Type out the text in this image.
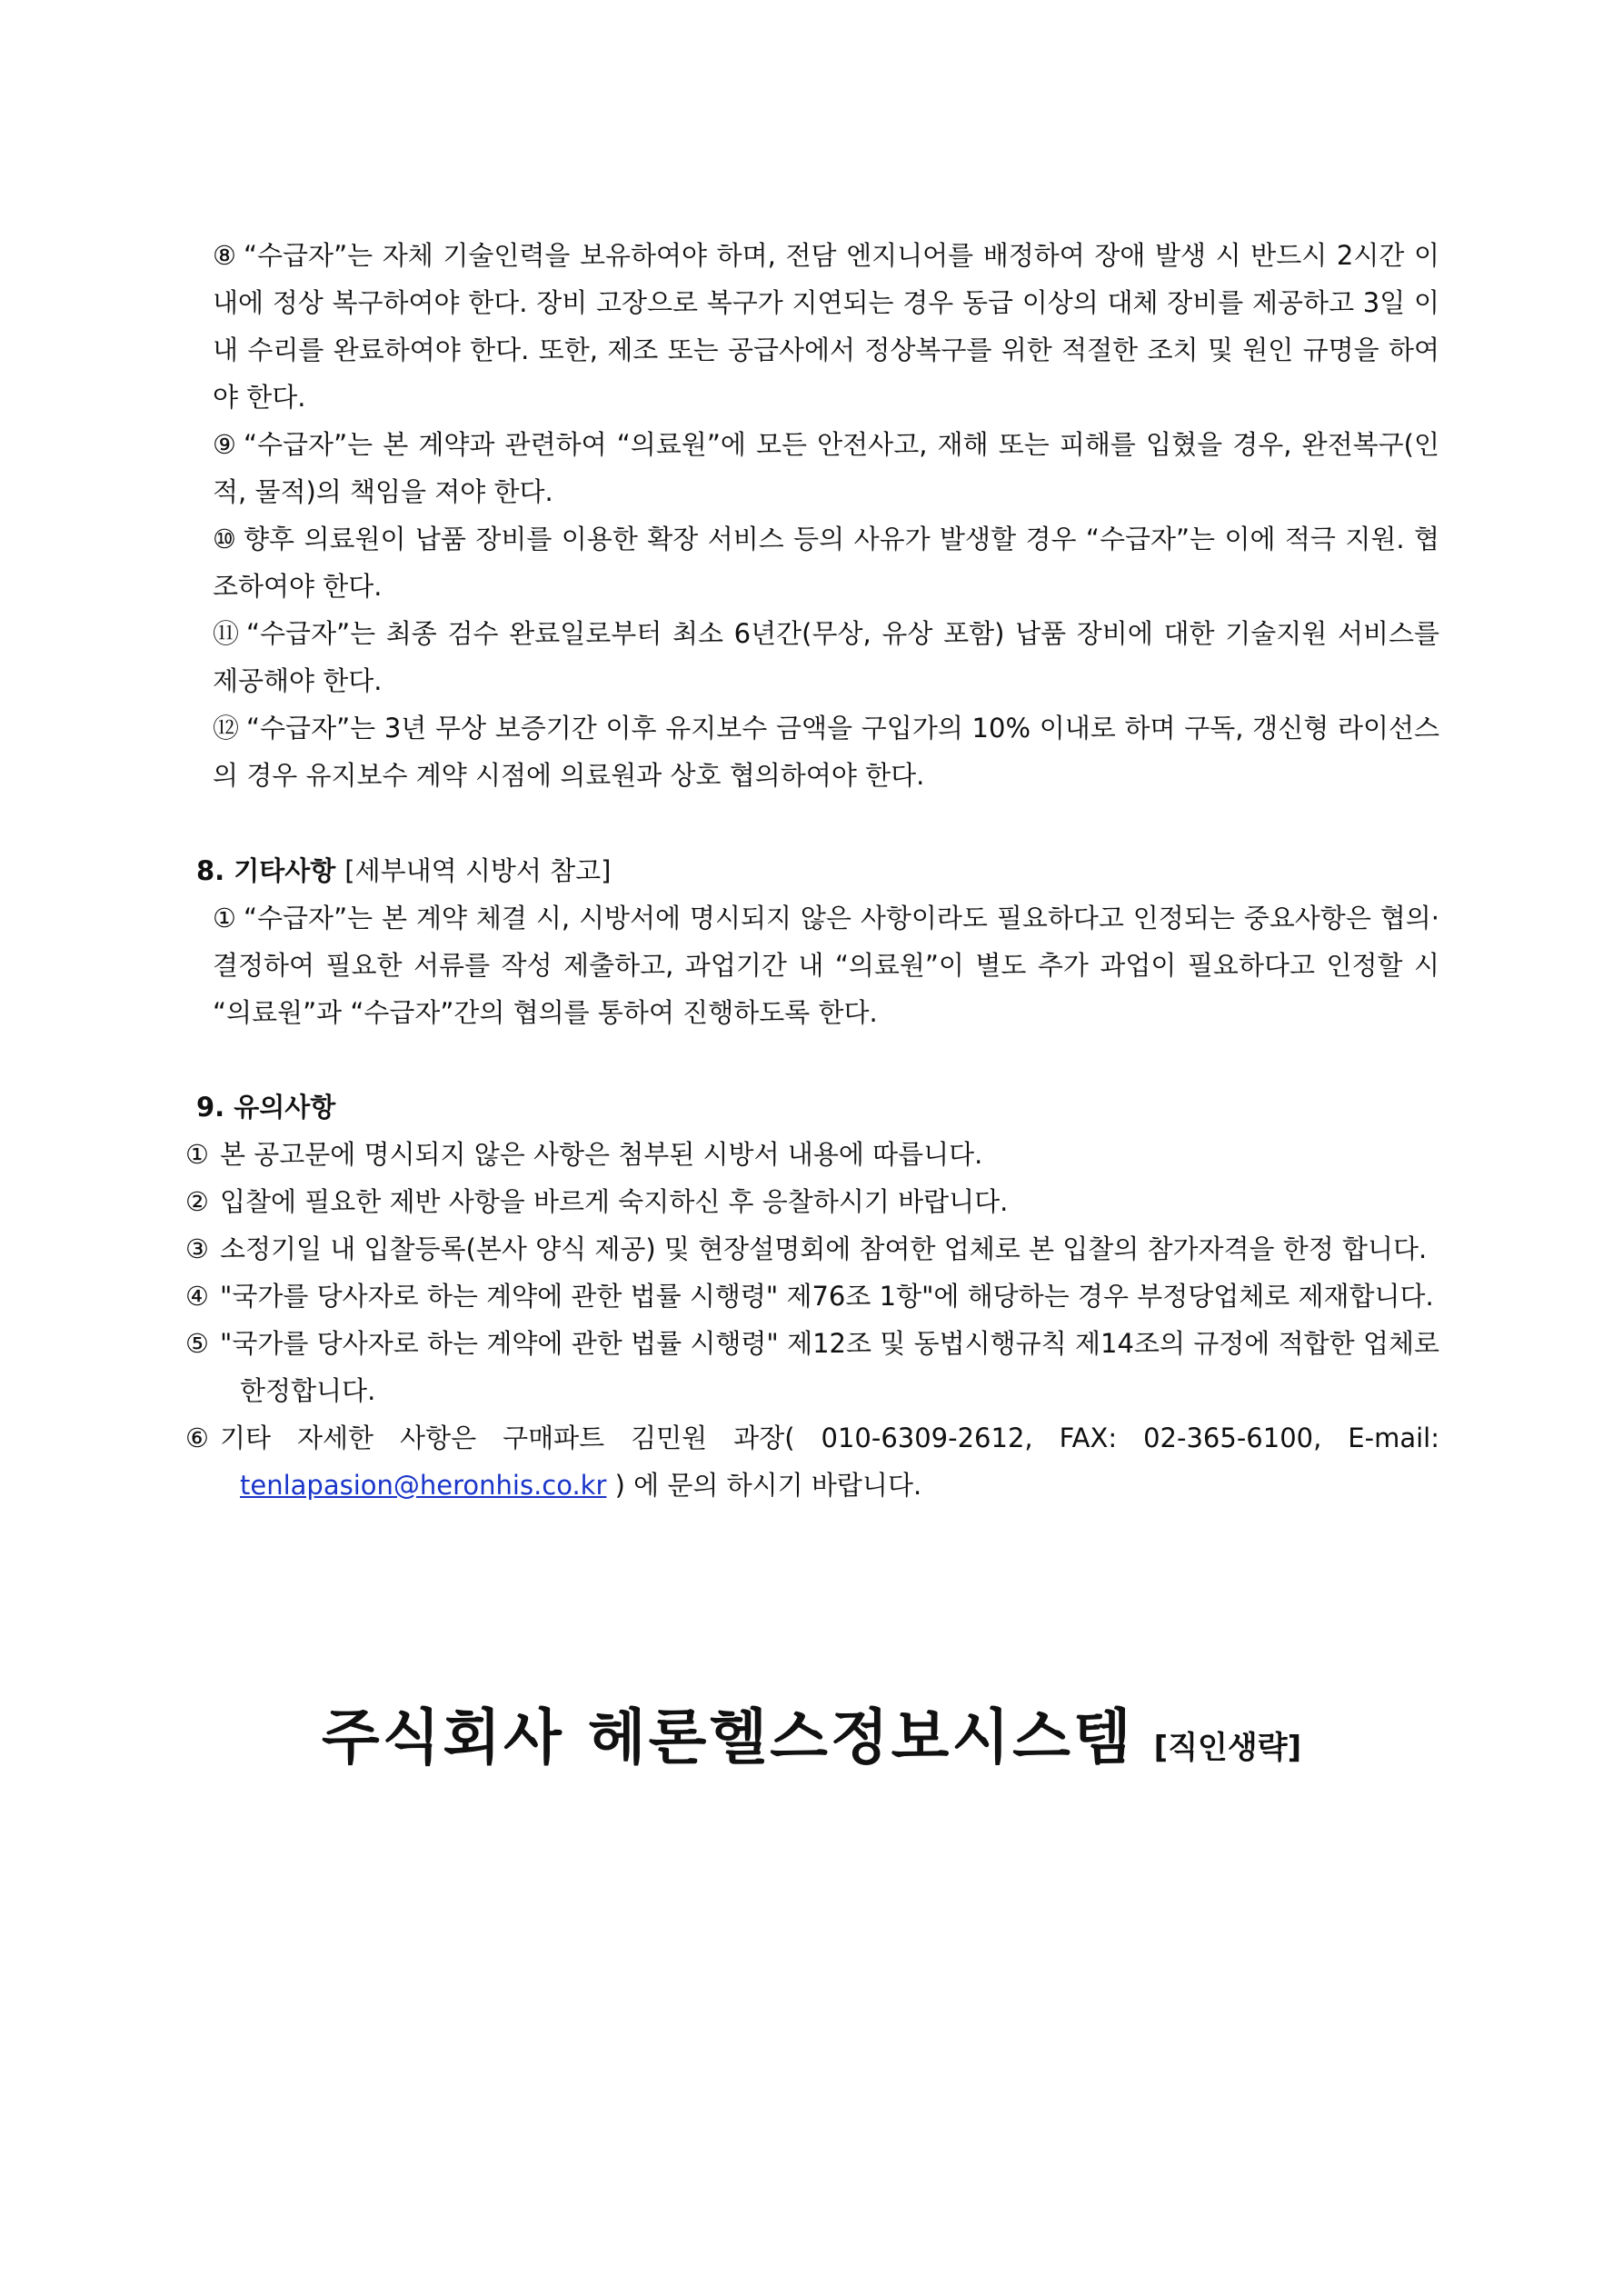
⑧ “수급자”는 자체 기술인력을 보유하여야 하며, 전담 엔지니어를 배정하여 장애 발생 시 반드시 2시간 이내에 정상 복구하여야 한다. 장비 고장으로 복구가 지연되는 경우 동급 이상의 대체 장비를 제공하고 3일 이내 수리를 완료하여야 한다. 또한, 제조 또는 공급사에서 정상복구를 위한 적절한 조치 및 원인 규명을 하여야 한다.

⑨ “수급자”는 본 계약과 관련하여 “의료원”에 모든 안전사고, 재해 또는 피해를 입혔을 경우, 완전복구(인적, 물적)의 책임을 져야 한다.

⑩ 향후 의료원이 납품 장비를 이용한 확장 서비스 등의 사유가 발생할 경우 “수급자”는 이에 적극 지원. 협조하여야 한다.

⑪ “수급자”는 최종 검수 완료일로부터 최소 6년간(무상, 유상 포함) 납품 장비에 대한 기술지원 서비스를 제공해야 한다.

⑫ “수급자”는 3년 무상 보증기간 이후 유지보수 금액을 구입가의 10% 이내로 하며 구독, 갱신형 라이선스의 경우 유지보수 계약 시점에 의료원과 상호 협의하여야 한다.

8. 기타사항 [세부내역 시방서 참고]

① “수급자”는 본 계약 체결 시, 시방서에 명시되지 않은 사항이라도 필요하다고 인정되는 중요사항은 협의·결정하여 필요한 서류를 작성 제출하고, 과업기간 내 “의료원”이 별도 추가 과업이 필요하다고 인정할 시 “의료원”과 “수급자”간의 협의를 통하여 진행하도록 한다.

9. 유의사항

① 본 공고문에 명시되지 않은 사항은 첨부된 시방서 내용에 따릅니다.

② 입찰에 필요한 제반 사항을 바르게 숙지하신 후 응찰하시기 바랍니다.

③ 소정기일 내 입찰등록(본사 양식 제공) 및 현장설명회에 참여한 업체로 본 입찰의 참가자격을 한정 합니다.

④ "국가를 당사자로 하는 계약에 관한 법률 시행령" 제76조 1항"에 해당하는 경우 부정당업체로 제재합니다.

⑤ "국가를 당사자로 하는 계약에 관한 법률 시행령" 제12조 및 동법시행규칙 제14조의 규정에 적합한 업체로 한정합니다.

⑥ 기타 자세한 사항은 구매파트 김민원 과장( 010-6309-2612, FAX: 02-365-6100, E-mail: tenlapasion@heronhis.co.kr ) 에 문의 하시기 바랍니다.

주식회사 헤론헬스정보시스템 [직인생략]
